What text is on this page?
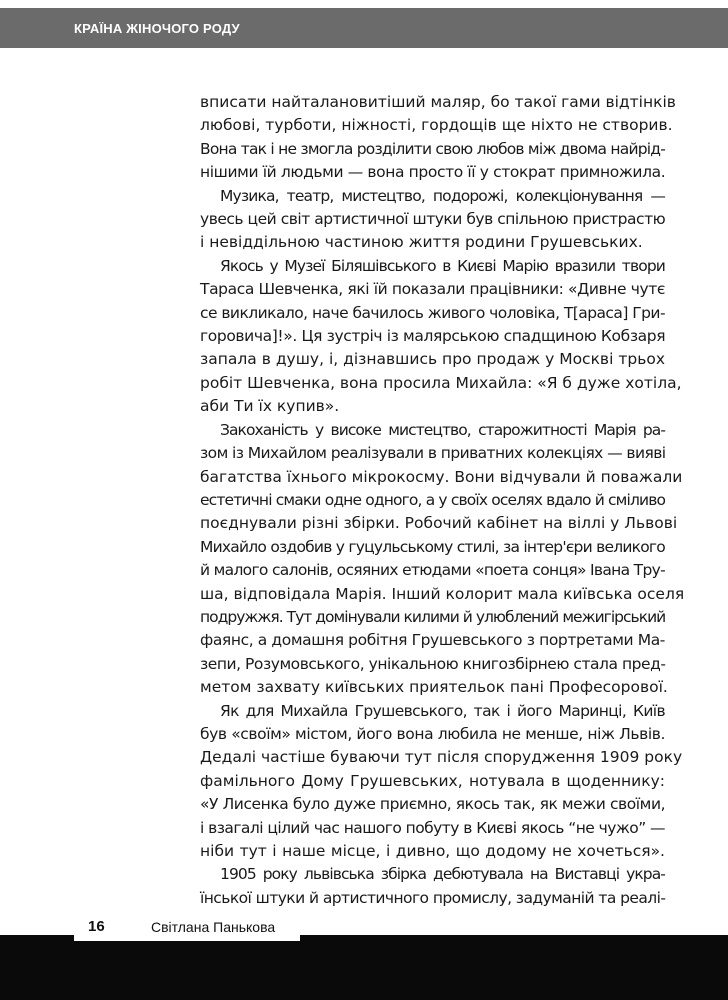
КРАЇНА ЖІНОЧОГО РОДУ
вписати найталановитіший маляр, бо такої гами відтінків
любові, турботи, ніжності, гордощів ще ніхто не створив.
Вона так і не змогла розділити свою любов між двома найрід-
нішими їй людьми — вона просто її у стократ примножила.
Музика, театр, мистецтво, подорожі, колекціонування —
увесь цей світ артистичної штуки був спільною пристрастю
і невіддільною частиною життя родини Грушевських.
Якось у Музеї Біляшівського в Києві Марію вразили твори
Тараса Шевченка, які їй показали працівники: «Дивне чутє
се викликало, наче бачилось живого чоловіка, Т[араса] Гри-
горовича]!». Ця зустріч із малярською спадщиною Кобзаря
запала в душу, і, дізнавшись про продаж у Москві трьох
робіт Шевченка, вона просила Михайла: «Я б дуже хотіла,
аби Ти їх купив».
Закоханість у високе мистецтво, старожитності Марія ра-
зом із Михайлом реалізували в приватних колекціях — вияві
багатства їхнього мікрокосму. Вони відчували й поважали
естетичні смаки одне одного, а у своїх оселях вдало й сміливо
поєднували різні збірки. Робочий кабінет на віллі у Львові
Михайло оздобив у гуцульському стилі, за інтер'єри великого
й малого салонів, осяяних етюдами «поета сонця» Івана Тру-
ша, відповідала Марія. Інший колорит мала київська оселя
подружжя. Тут домінували килими й улюблений межигірський
фаянс, а домашня робітня Грушевського з портретами Ма-
зепи, Розумовського, унікальною книгозбірнею стала пред-
метом захвату київських приятельок пані Професорової.
Як для Михайла Грушевського, так і його Маринці, Київ
був «своїм» містом, його вона любила не менше, ніж Львів.
Дедалі частіше буваючи тут після спорудження 1909 року
фамільного Дому Грушевських, нотувала в щоденнику:
«У Лисенка було дуже приємно, якось так, як межи своїми,
і взагалі цілий час нашого побуту в Києві якось “не чужо” —
ніби тут і наше місце, і дивно, що додому не хочеться».
1905 року львівська збірка дебютувала на Виставці укра-
їнської штуки й артистичного промислу, задуманій та реалі-
16	Світлана Панькова
